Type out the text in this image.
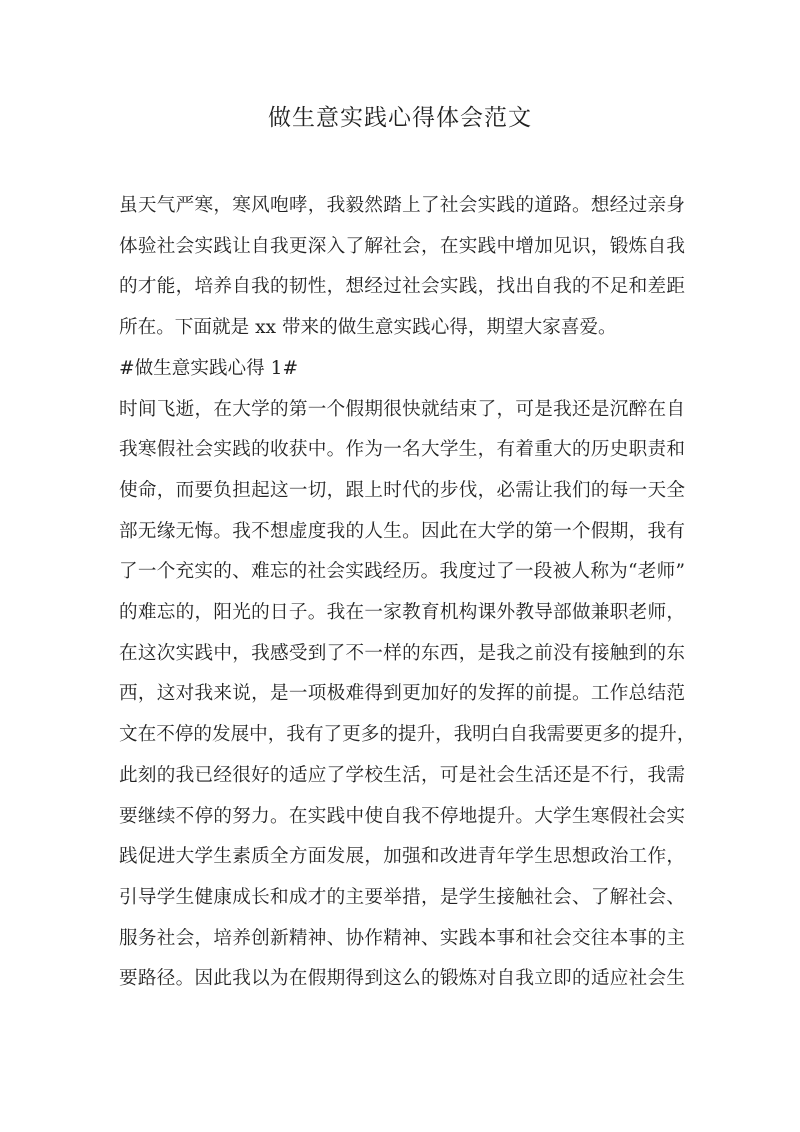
做生意实践心得体会范文

虽天气严寒，寒风咆哮，我毅然踏上了社会实践的道路。想经过亲身
体验社会实践让自我更深入了解社会，在实践中增加见识，锻炼自我
的才能，培养自我的韧性，想经过社会实践，找出自我的不足和差距
所在。下面就是 xx 带来的做生意实践心得，期望大家喜爱。

#做生意实践心得 1#

时间飞逝，在大学的第一个假期很快就结束了，可是我还是沉醉在自
我寒假社会实践的收获中。作为一名大学生，有着重大的历史职责和
使命，而要负担起这一切，跟上时代的步伐，必需让我们的每一天全
部无缘无悔。我不想虚度我的人生。因此在大学的第一个假期，我有
了一个充实的、难忘的社会实践经历。我度过了一段被人称为“老师”
的难忘的，阳光的日子。我在一家教育机构课外教导部做兼职老师，
在这次实践中，我感受到了不一样的东西，是我之前没有接触到的东
西，这对我来说，是一项极难得到更加好的发挥的前提。工作总结范
文在不停的发展中，我有了更多的提升，我明白自我需要更多的提升，
此刻的我已经很好的适应了学校生活，可是社会生活还是不行，我需
要继续不停的努力。在实践中使自我不停地提升。大学生寒假社会实
践促进大学生素质全方面发展，加强和改进青年学生思想政治工作，
引导学生健康成长和成才的主要举措，是学生接触社会、了解社会、
服务社会，培养创新精神、协作精神、实践本事和社会交往本事的主
要路径。因此我以为在假期得到这么的锻炼对自我立即的适应社会生
